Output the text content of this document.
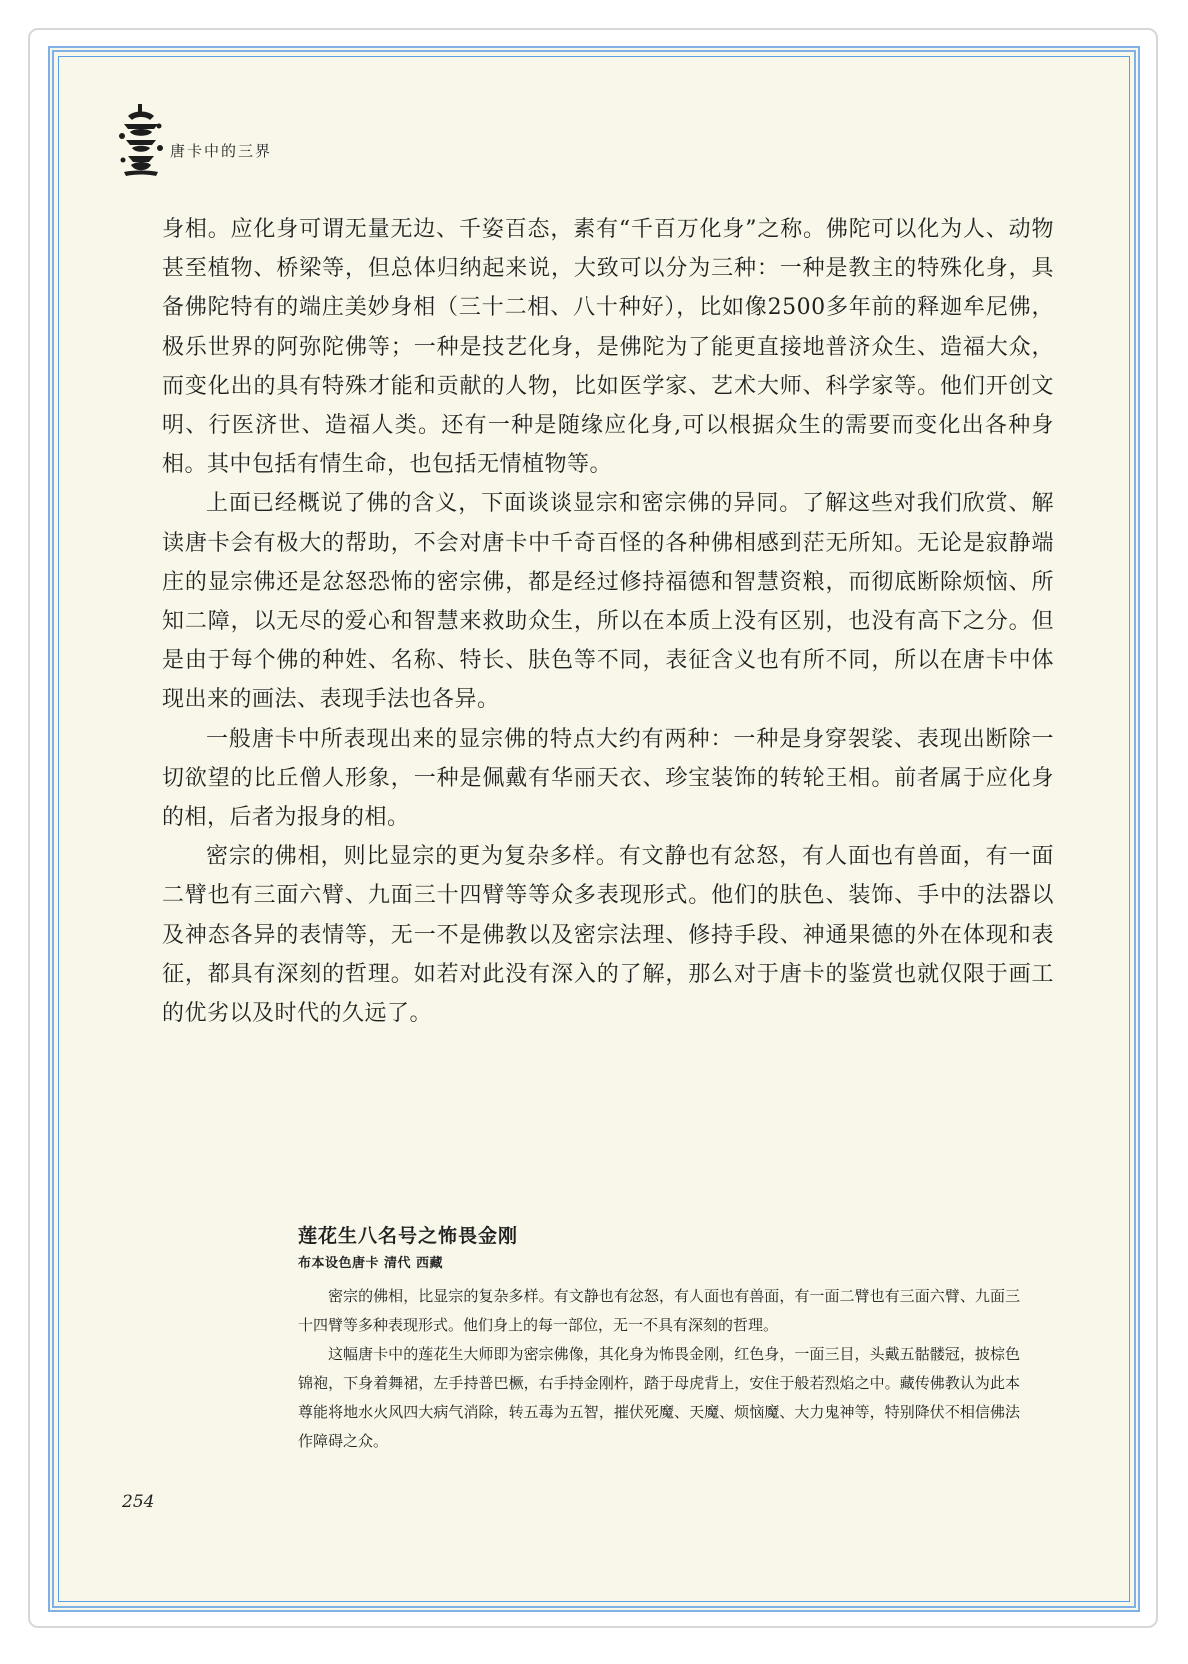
唐卡中的三界

身相。应化身可谓无量无边、千姿百态，素有“千百万化身”之称。佛陀可以化为人、动物甚至植物、桥梁等，但总体归纳起来说，大致可以分为三种：一种是教主的特殊化身，具备佛陀特有的端庄美妙身相（三十二相、八十种好），比如像2500多年前的释迦牟尼佛，极乐世界的阿弥陀佛等；一种是技艺化身，是佛陀为了能更直接地普济众生、造福大众，而变化出的具有特殊才能和贡献的人物，比如医学家、艺术大师、科学家等。他们开创文明、行医济世、造福人类。还有一种是随缘应化身,可以根据众生的需要而变化出各种身相。其中包括有情生命，也包括无情植物等。

上面已经概说了佛的含义，下面谈谈显宗和密宗佛的异同。了解这些对我们欣赏、解读唐卡会有极大的帮助，不会对唐卡中千奇百怪的各种佛相感到茫无所知。无论是寂静端庄的显宗佛还是忿怒恐怖的密宗佛，都是经过修持福德和智慧资粮，而彻底断除烦恼、所知二障，以无尽的爱心和智慧来救助众生，所以在本质上没有区别，也没有高下之分。但是由于每个佛的种姓、名称、特长、肤色等不同，表征含义也有所不同，所以在唐卡中体现出来的画法、表现手法也各异。

一般唐卡中所表现出来的显宗佛的特点大约有两种：一种是身穿袈裟、表现出断除一切欲望的比丘僧人形象，一种是佩戴有华丽天衣、珍宝装饰的转轮王相。前者属于应化身的相，后者为报身的相。

密宗的佛相，则比显宗的更为复杂多样。有文静也有忿怒，有人面也有兽面，有一面二臂也有三面六臂、九面三十四臂等等众多表现形式。他们的肤色、装饰、手中的法器以及神态各异的表情等，无一不是佛教以及密宗法理、修持手段、神通果德的外在体现和表征，都具有深刻的哲理。如若对此没有深入的了解，那么对于唐卡的鉴赏也就仅限于画工的优劣以及时代的久远了。

莲花生八名号之怖畏金刚
布本设色唐卡 清代 西藏

密宗的佛相，比显宗的复杂多样。有文静也有忿怒，有人面也有兽面，有一面二臂也有三面六臂、九面三十四臂等多种表现形式。他们身上的每一部位，无一不具有深刻的哲理。

这幅唐卡中的莲花生大师即为密宗佛像，其化身为怖畏金刚，红色身，一面三目，头戴五骷髅冠，披棕色锦袍，下身着舞裙，左手持普巴橛，右手持金刚杵，踏于母虎背上，安住于般若烈焰之中。藏传佛教认为此本尊能将地水火风四大病气消除，转五毒为五智，摧伏死魔、天魔、烦恼魔、大力鬼神等，特别降伏不相信佛法作障碍之众。

254
